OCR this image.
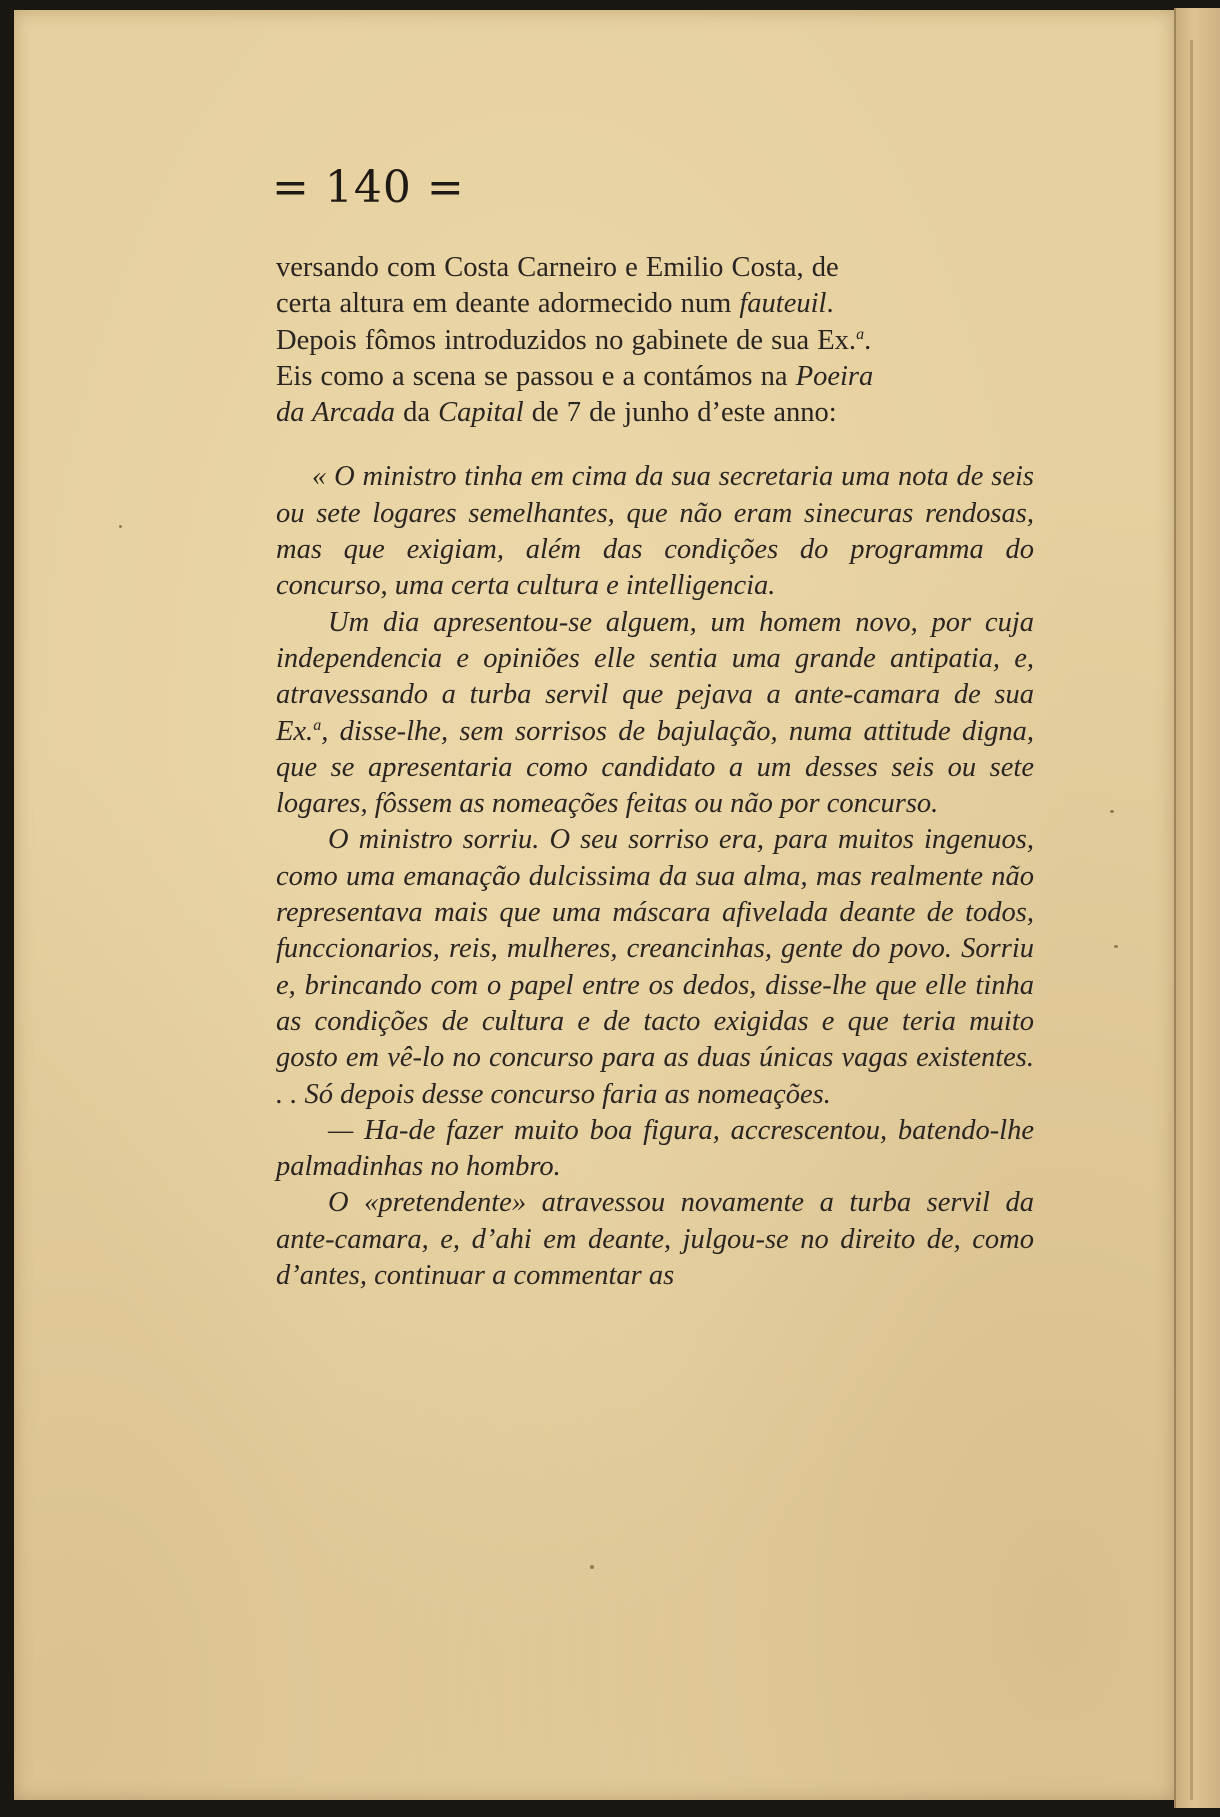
= 140 =

versando com Costa Carneiro e Emilio Costa, de
certa altura em deante adormecido num fauteuil.
Depois fômos introduzidos no gabinete de sua Ex.$^a$.
Eis como a scena se passou e a contámos na Poeira
da Arcada da Capital de 7 de junho d’este anno:

« O ministro tinha em cima da sua secretaria uma nota de seis ou sete logares semelhantes, que não eram sinecuras rendosas, mas que exigiam, além das condições do programma do concurso, uma certa cultura e intelligencia.

Um dia apresentou-se alguem, um homem novo, por cuja independencia e opiniões elle sentia uma grande antipatia, e, atravessando a turba servil que pejava a ante-camara de sua Ex.$^a$, disse-lhe, sem sorrisos de bajulação, numa attitude digna, que se apresentaria como candidato a um desses seis ou sete logares, fôssem as nomeações feitas ou não por concurso.

O ministro sorriu. O seu sorriso era, para muitos ingenuos, como uma emanação dulcissima da sua alma, mas realmente não representava mais que uma máscara afivelada deante de todos, funccionarios, reis, mulheres, creancinhas, gente do povo. Sorriu e, brincando com o papel entre os dedos, disse-lhe que elle tinha as condições de cultura e de tacto exigidas e que teria muito gosto em vê-lo no concurso para as duas únicas vagas existentes. . . Só depois desse concurso faria as nomeações.

— Ha-de fazer muito boa figura, accrescentou, batendo-lhe palmadinhas no hombro.

O «pretendente» atravessou novamente a turba servil da ante-camara, e, d’ahi em deante, julgou-se no direito de, como d’antes, continuar a commentar as
